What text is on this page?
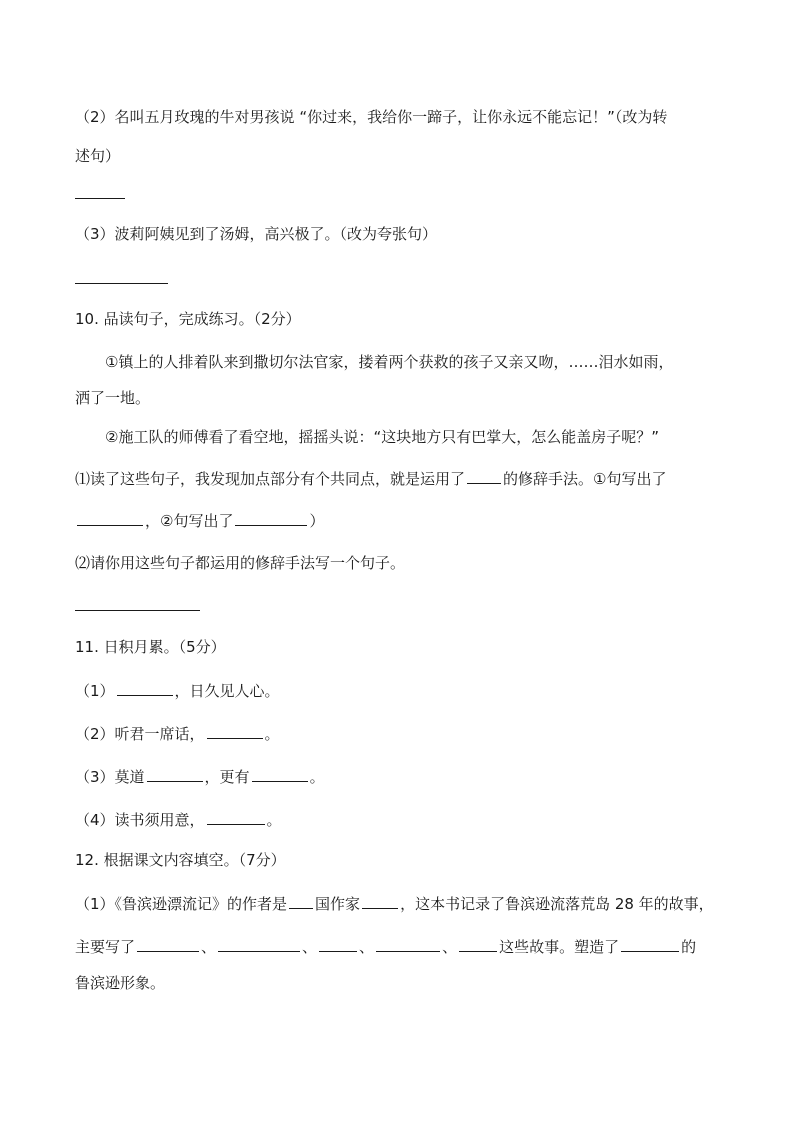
（2）名叫五月玫瑰的牛对男孩说 “你过来，我给你一蹄子，让你永远不能忘记！”（改为转
述句）
（3）波莉阿姨见到了汤姆，高兴极了。（改为夸张句）
10. 品读句子，完成练习。（2分）
①镇上的人排着队来到撒切尔法官家，搂着两个获救的孩子又亲又吻，……泪水如雨，
洒了一地。
②施工队的师傅看了看空地，摇摇头说：“这块地方只有巴掌大，怎么能盖房子呢？”
⑴读了这些句子，我发现加点部分有个共同点，就是运用了	的修辞手法。①句写出了
，②句写出了	）
⑵请你用这些句子都运用的修辞手法写一个句子。
11. 日积月累。（5分）
（1）	，日久见人心。
（2）听君一席话，	。
（3）莫道	，更有	。
（4）读书须用意，	。
12. 根据课文内容填空。（7分）
（1）《鲁滨逊漂流记》的作者是 国作家	，这本书记录了鲁滨逊流落荒岛 28 年的故事，
主要写了	、	、	、	、	这些故事。塑造了	的
鲁滨逊形象。
